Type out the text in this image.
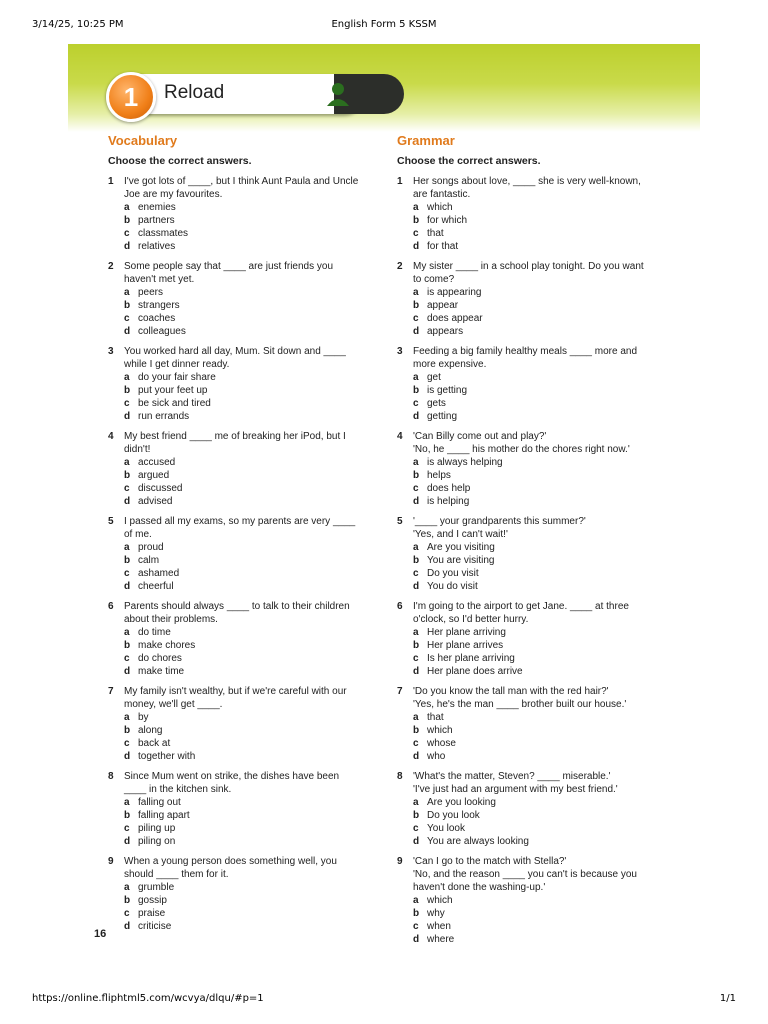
3/14/25, 10:25 PM	English Form 5 KSSM
1	Reload
Vocabulary
Choose the correct answers.
1 I've got lots of ____, but I think Aunt Paula and Uncle
Joe are my favourites.
a enemies
b partners
c classmates
d relatives
2 Some people say that ____ are just friends you
haven't met yet.
a peers
b strangers
c coaches
d colleagues
3 You worked hard all day, Mum. Sit down and ____
while I get dinner ready.
a do your fair share
b put your feet up
c be sick and tired
d run errands
4 My best friend ____ me of breaking her iPod, but I
didn't!
a accused
b argued
c discussed
d advised
5 I passed all my exams, so my parents are very ____
of me.
a proud
b calm
c ashamed
d cheerful
6 Parents should always ____ to talk to their children
about their problems.
a do time
b make chores
c do chores
d make time
7 My family isn't wealthy, but if we're careful with our
money, we'll get ____.
a by
b along
c back at
d together with
8 Since Mum went on strike, the dishes have been
____ in the kitchen sink.
a falling out
b falling apart
c piling up
d piling on
9 When a young person does something well, you
should ____ them for it.
a grumble
b gossip
c praise
d criticise
Grammar
Choose the correct answers.
1 Her songs about love, ____ she is very well-known,
are fantastic.
a which
b for which
c that
d for that
2 My sister ____ in a school play tonight. Do you want
to come?
a is appearing
b appear
c does appear
d appears
3 Feeding a big family healthy meals ____ more and
more expensive.
a get
b is getting
c gets
d getting
4 'Can Billy come out and play?'
'No, he ____ his mother do the chores right now.'
a is always helping
b helps
c does help
d is helping
5 '____ your grandparents this summer?'
'Yes, and I can't wait!'
a Are you visiting
b You are visiting
c Do you visit
d You do visit
6 I'm going to the airport to get Jane. ____ at three
o'clock, so I'd better hurry.
a Her plane arriving
b Her plane arrives
c Is her plane arriving
d Her plane does arrive
7 'Do you know the tall man with the red hair?'
'Yes, he's the man ____ brother built our house.'
a that
b which
c whose
d who
8 'What's the matter, Steven? ____ miserable.'
'I've just had an argument with my best friend.'
a Are you looking
b Do you look
c You look
d You are always looking
9 'Can I go to the match with Stella?'
'No, and the reason ____ you can't is because you
haven't done the washing-up.'
a which
b why
c when
d where
16
https://online.fliphtml5.com/wcvya/dlqu/#p=1	1/1
